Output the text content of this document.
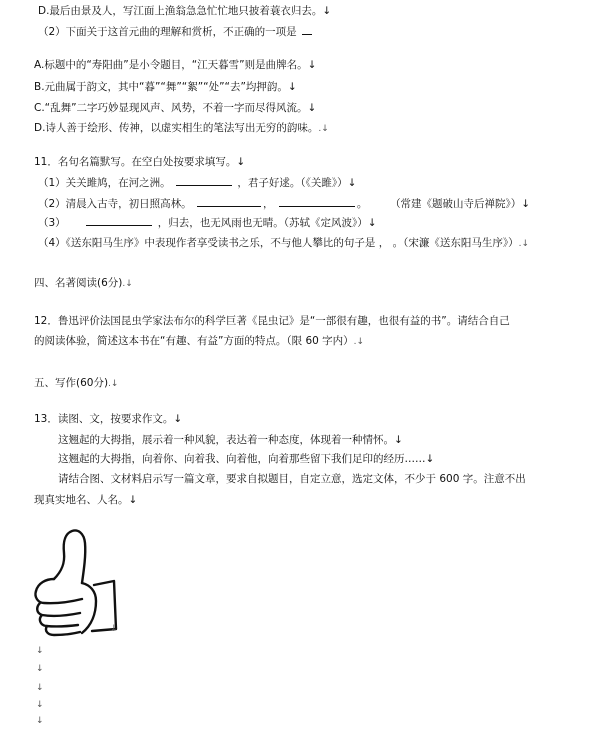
D.最后由景及人，写江面上渔翁急急忙忙地只披着蓑衣归去。↓
（2）下面关于这首元曲的理解和赏析，不正确的一项是
A.标题中的“寿阳曲”是小令题目，“江天暮雪”则是曲牌名。↓
B.元曲属于韵文，其中“暮”“舞”“絮”“处”“去”均押韵。↓
C.“乱舞”二字巧妙显现风声、风势，不着一字而尽得风流。↓
D.诗人善于绘形、传神，以虚实相生的笔法写出无穷的韵味。.↓
11．名句名篇默写。在空白处按要求填写。↓
（1）关关雎鸠，在河之洲。	，君子好逑。（《关雎》）↓
（2）清晨入古寺，初日照高林。	，	。 （常建《题破山寺后禅院》）↓
（3）	，归去，也无风雨也无晴。（苏轼《定风波》）↓
（4）《送东阳马生序》中表现作者享受读书之乐，不与他人攀比的句子是 ， 。（宋濂《送东阳马生序》）.↓
四、名著阅读(6分).↓
12．鲁迅评价法国昆虫学家法布尔的科学巨著《昆虫记》是“一部很有趣，也很有益的书”。请结合自己
的阅读体验，简述这本书在“有趣、有益”方面的特点。（限 60 字内）.↓
五、写作(60分).↓
13．读图、文，按要求作文。↓
这翘起的大拇指，展示着一种风貌，表达着一种态度，体现着一种情怀。↓
这翘起的大拇指，向着你、向着我、向着他，向着那些留下我们足印的经历……↓
请结合图、文材料启示写一篇文章，要求自拟题目，自定立意，选定文体，不少于 600 字。注意不出
现真实地名、人名。↓
↓
↓
↓
↓
↓
↓
